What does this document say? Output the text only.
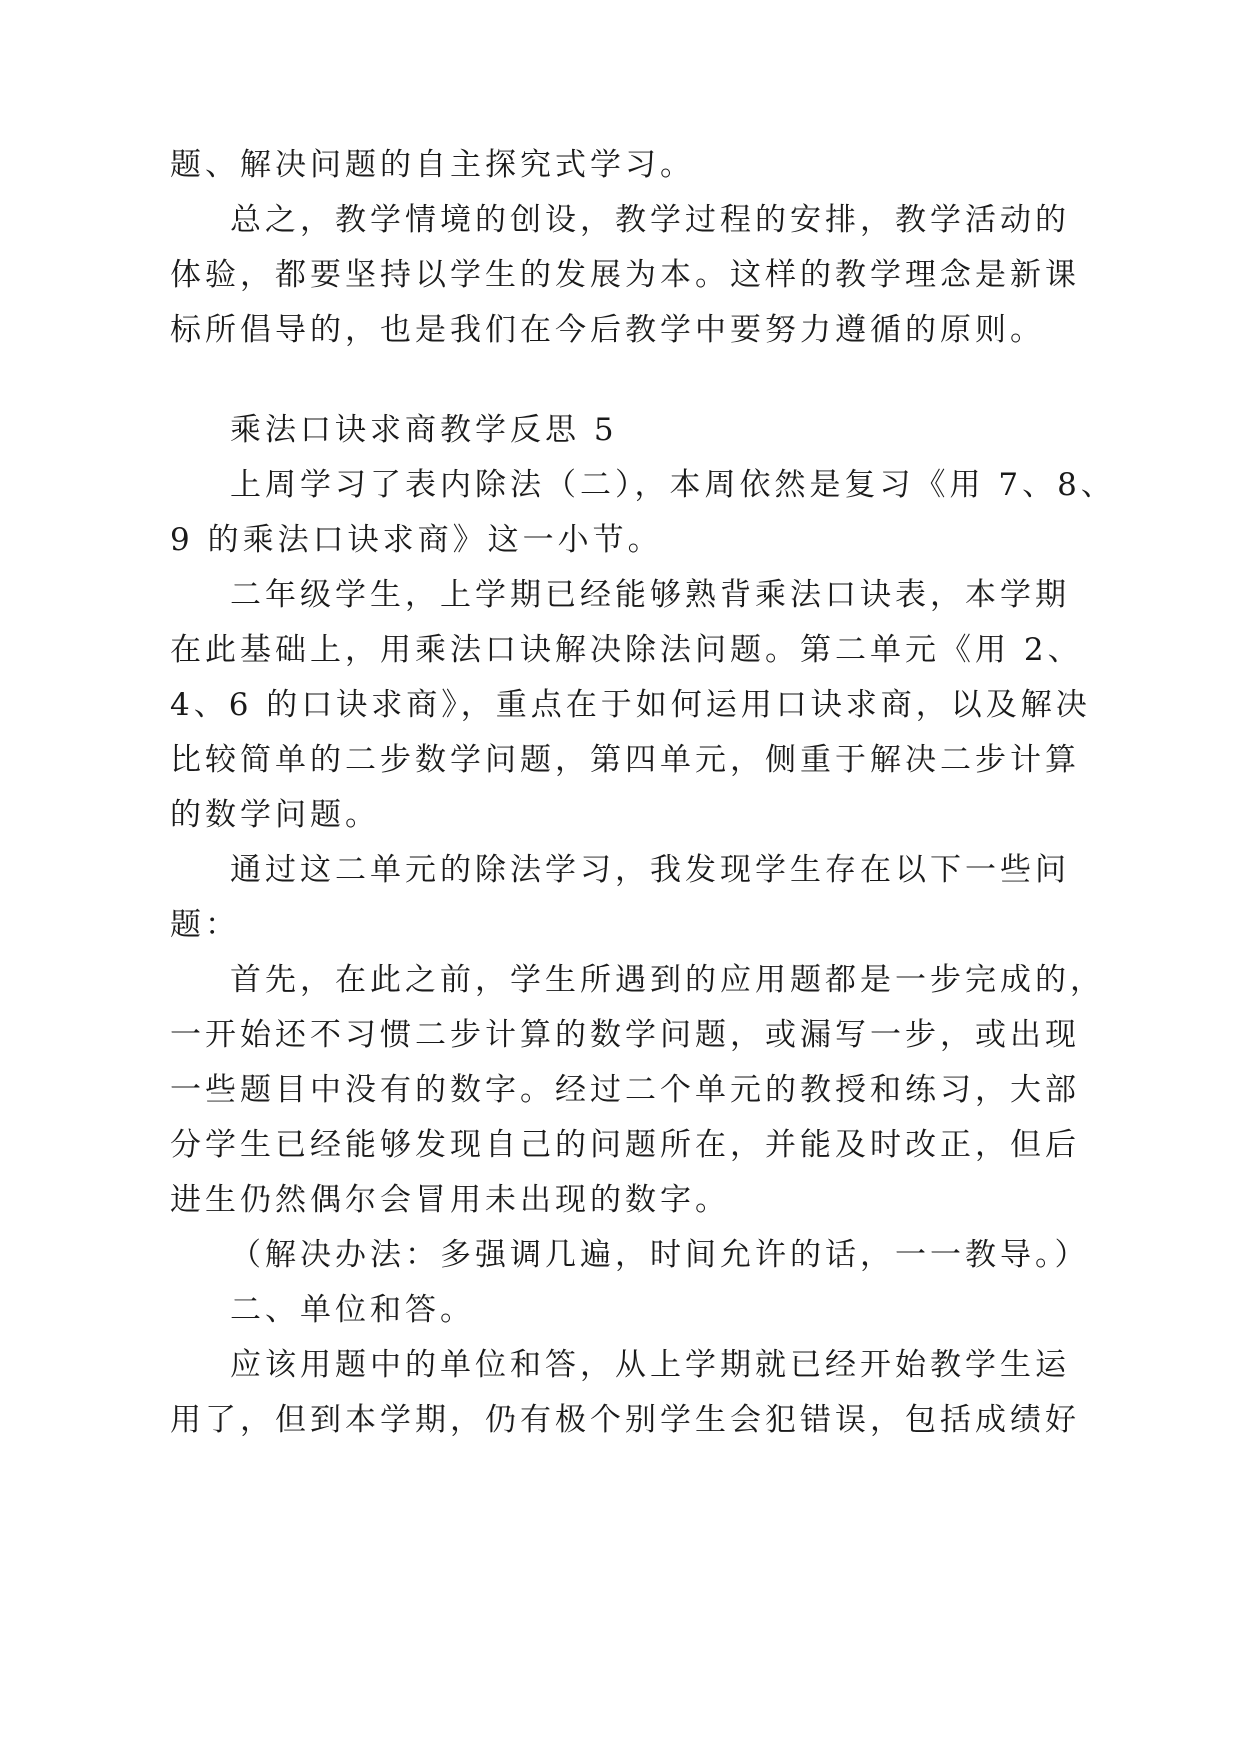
题、解决问题的自主探究式学习。
总之，教学情境的创设，教学过程的安排，教学活动的
体验，都要坚持以学生的发展为本。这样的教学理念是新课
标所倡导的，也是我们在今后教学中要努力遵循的原则。
乘法口诀求商教学反思 5
上周学习了表内除法（二），本周依然是复习《用 7、8、
9 的乘法口诀求商》这一小节。
二年级学生，上学期已经能够熟背乘法口诀表，本学期
在此基础上，用乘法口诀解决除法问题。第二单元《用 2、
4、6 的口诀求商》，重点在于如何运用口诀求商，以及解决
比较简单的二步数学问题，第四单元，侧重于解决二步计算
的数学问题。
通过这二单元的除法学习，我发现学生存在以下一些问
题：
首先，在此之前，学生所遇到的应用题都是一步完成的，
一开始还不习惯二步计算的数学问题，或漏写一步，或出现
一些题目中没有的数字。经过二个单元的教授和练习，大部
分学生已经能够发现自己的问题所在，并能及时改正，但后
进生仍然偶尔会冒用未出现的数字。
（解决办法：多强调几遍，时间允许的话，一一教导。）
二、单位和答。
应该用题中的单位和答，从上学期就已经开始教学生运
用了，但到本学期，仍有极个别学生会犯错误，包括成绩好
